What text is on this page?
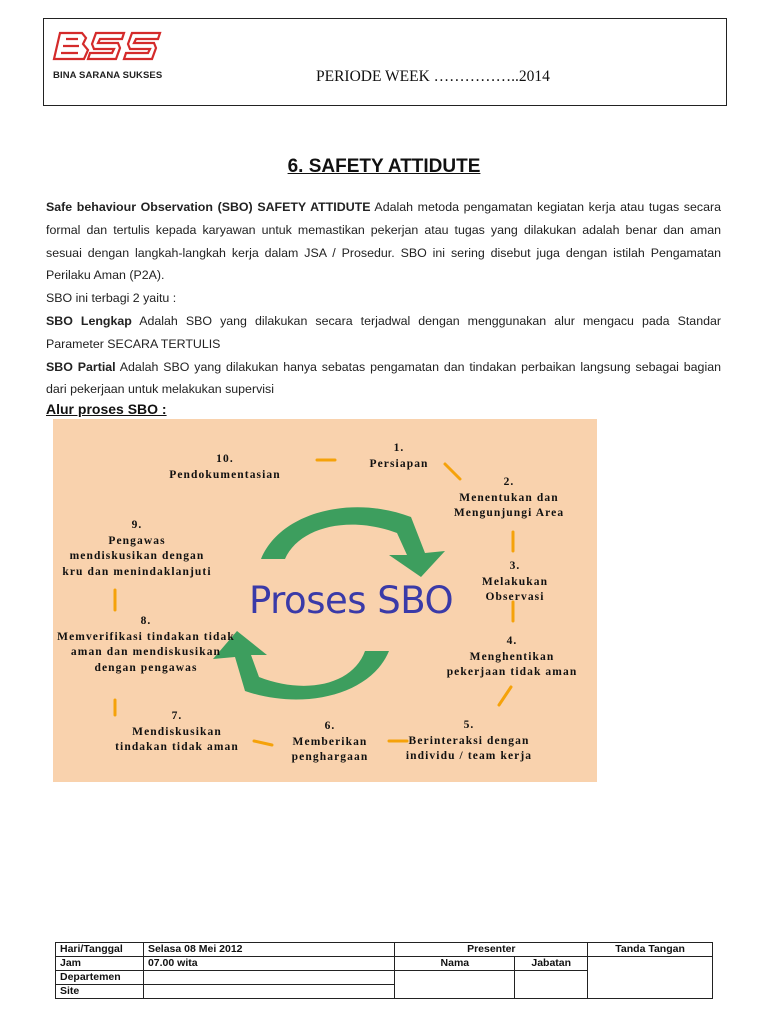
BINA SARANA SUKSES	PERIODE WEEK ……………..2014
6. SAFETY ATTIDUTE

Safe behaviour Observation (SBO) SAFETY ATTIDUTE Adalah metoda pengamatan kegiatan kerja atau tugas secara formal dan tertulis kepada karyawan untuk memastikan pekerjan atau tugas yang dilakukan adalah benar dan aman sesuai dengan langkah-langkah kerja dalam JSA / Prosedur. SBO ini sering disebut juga dengan istilah Pengamatan Perilaku Aman (P2A).

SBO ini terbagi 2 yaitu :

SBO Lengkap Adalah SBO yang dilakukan secara terjadwal dengan menggunakan alur mengacu pada Standar Parameter SECARA TERTULIS

SBO Partial Adalah SBO yang dilakukan hanya sebatas pengamatan dan tindakan perbaikan langsung sebagai bagian dari pekerjaan untuk melakukan supervisi

Alur proses SBO :
Proses SBO
1.
Persiapan
2.
Menentukan dan
Mengunjungi Area
3.
Melakukan
Observasi
4.
Menghentikan
pekerjaan tidak aman
5.
Berinteraksi dengan
individu / team kerja
6.
Memberikan
penghargaan
7.
Mendiskusikan
tindakan tidak aman
8.
Memverifikasi tindakan tidak
aman dan mendiskusikan
dengan pengawas
9.
Pengawas
mendiskusikan dengan
kru dan menindaklanjuti
10.
Pendokumentasian
Hari/Tanggal	Selasa 08 Mei 2012	Presenter		Tanda Tangan
Jam	07.00 wita	Nama	Jabatan	
Departemen				
Site				
